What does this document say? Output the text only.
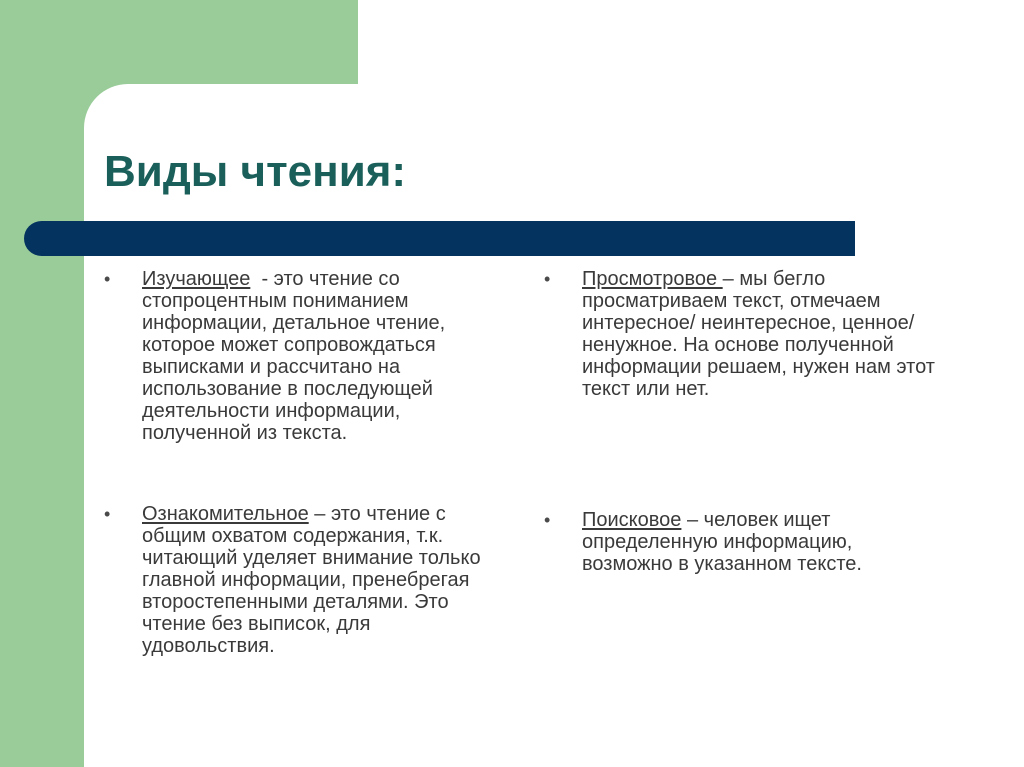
Виды чтения:
• Изучающее  - это чтение со стопроцентным пониманием информации, детальное чтение, которое может сопровождаться выписками и рассчитано на использование в последующей деятельности информации, полученной из текста.
• Просмотровое – мы бегло просматриваем текст, отмечаем интересное/ неинтересное, ценное/ ненужное. На основе полученной информации решаем, нужен нам этот текст или нет.
• Ознакомительное – это чтение с общим охватом содержания, т.к. читающий уделяет внимание только главной информации, пренебрегая второстепенными деталями. Это чтение без выписок, для удовольствия.
• Поисковое – человек ищет определенную информацию, возможно в указанном тексте.
